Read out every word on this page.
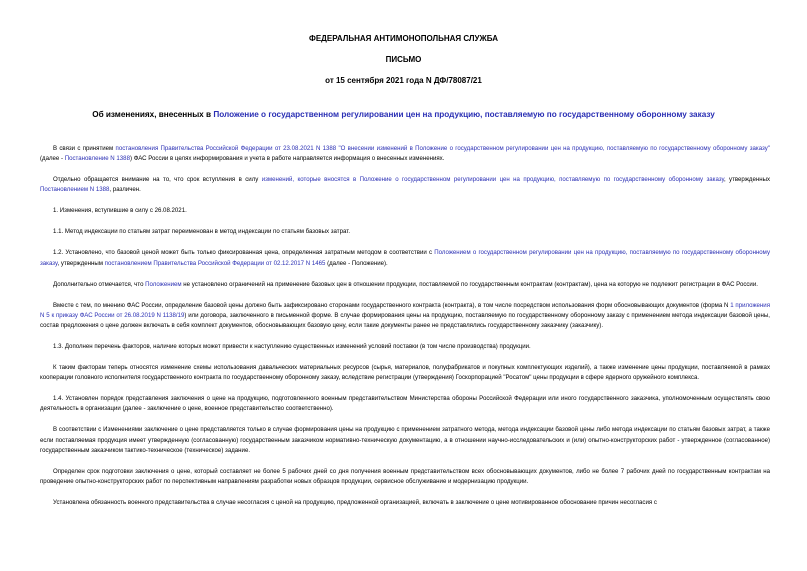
ФЕДЕРАЛЬНАЯ АНТИМОНОПОЛЬНАЯ СЛУЖБА
ПИСЬМО
от 15 сентября 2021 года N ДФ/78087/21
Об изменениях, внесенных в Положение о государственном регулировании цен на продукцию, поставляемую по государственному оборонному заказу
В связи с принятием постановления Правительства Российской Федерации от 23.08.2021 N 1388 "О внесении изменений в Положение о государственном регулировании цен на продукцию, поставляемую по государственному оборонному заказу" (далее - Постановление N 1388) ФАС России в целях информирования и учета в работе направляется информация о внесенных изменениях.
Отдельно обращается внимание на то, что срок вступления в силу изменений, которые вносятся в Положение о государственном регулировании цен на продукцию, поставляемую по государственному оборонному заказу, утвержденных Постановлением N 1388, различен.
1. Изменения, вступившие в силу с 26.08.2021.
1.1. Метод индексации по статьям затрат переименован в метод индексации по статьям базовых затрат.
1.2. Установлено, что базовой ценой может быть только фиксированная цена, определенная затратным методом в соответствии с Положением о государственном регулировании цен на продукцию, поставляемую по государственному оборонному заказу, утвержденным постановлением Правительства Российской Федерации от 02.12.2017 N 1465 (далее - Положение).
Дополнительно отмечается, что Положением не установлено ограничений на применение базовых цен в отношении продукции, поставляемой по государственным контрактам (контрактам), цена на которую не подлежит регистрации в ФАС России.
Вместе с тем, по мнению ФАС России, определение базовой цены должно быть зафиксировано сторонами государственного контракта (контракта), в том числе посредством использования форм обосновывающих документов (форма N 1 приложения N 5 к приказу ФАС России от 26.08.2019 N 1138/19) или договора, заключенного в письменной форме. В случае формирования цены на продукцию, поставляемую по государственному оборонному заказу с применением метода индексации базовой цены, состав предложения о цене должен включать в себя комплект документов, обосновывающих базовую цену, если такие документы ранее не представлялись государственному заказчику (заказчику).
1.3. Дополнен перечень факторов, наличие которых может привести к наступлению существенных изменений условий поставки (в том числе производства) продукции.
К таким факторам теперь относятся изменение схемы использования давальческих материальных ресурсов (сырья, материалов, полуфабрикатов и покупных комплектующих изделий), а также изменение цены продукции, поставляемой в рамках кооперации головного исполнителя государственного контракта по государственному оборонному заказу, вследствие регистрации (утверждения) Госкорпорацией "Росатом" цены продукции в сфере ядерного оружейного комплекса.
1.4. Установлен порядок представления заключения о цене на продукцию, подготовленного военным представительством Министерства обороны Российской Федерации или иного государственного заказчика, уполномоченным осуществлять свою деятельность в организации (далее - заключение о цене, военное представительство соответственно).
В соответствии с Изменениями заключение о цене представляется только в случае формирования цены на продукцию с применением затратного метода, метода индексации базовой цены либо метода индексации по статьям базовых затрат, а также если поставляемая продукция имеет утвержденную (согласованную) государственным заказчиком нормативно-техническую документацию, а в отношении научно-исследовательских и (или) опытно-конструкторских работ - утвержденное (согласованное) государственным заказчиком тактико-техническое (техническое) задание.
Определен срок подготовки заключения о цене, который составляет не более 5 рабочих дней со дня получения военным представительством всех обосновывающих документов, либо не более 7 рабочих дней по государственным контрактам на проведение опытно-конструкторских работ по перспективным направлениям разработки новых образцов продукции, сервисное обслуживание и модернизацию продукции.
Установлена обязанность военного представительства в случае несогласия с ценой на продукцию, предложенной организацией, включать в заключение о цене мотивированное обоснование причин несогласия с
